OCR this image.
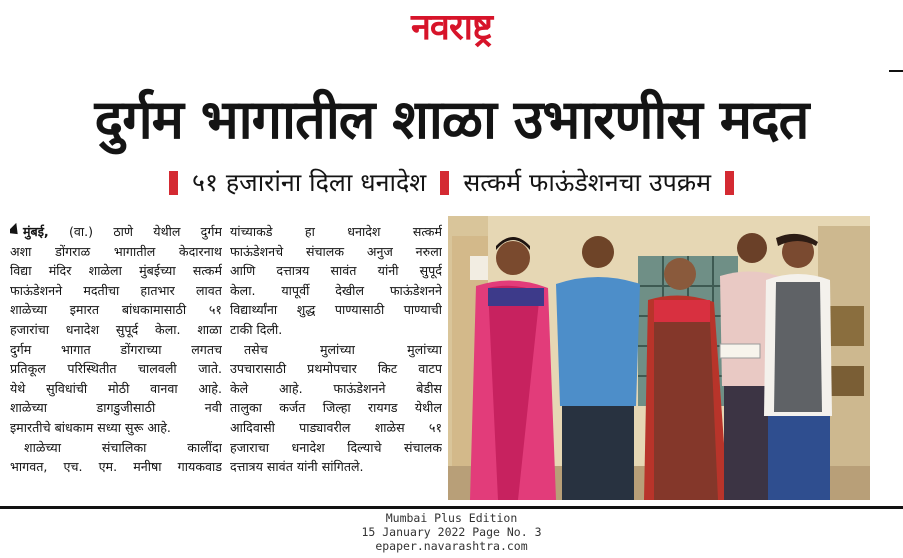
नवराष्ट्र
दुर्गम भागातील शाळा उभारणीस मदत
५१ हजारांना दिला धनादेश सत्कर्म फाऊंडेशनचा उपक्रम
मुंबई, (वा.) ठाणे येथील दुर्गम
अशा डोंगराळ भागातील केदारनाथ
विद्या मंदिर शाळेला मुंबईच्या सत्कर्म
फाऊंडेशनने मदतीचा हातभार लावत
शाळेच्या इमारत बांधकामासाठी ५१
हजारांचा धनादेश सुपूर्द केला. शाळा
दुर्गम भागात डोंगराच्या लगतच
प्रतिकूल परिस्थितीत चालवली जाते.
येथे सुविधांची मोठी वानवा आहे.
शाळेच्या डागडुजीसाठी नवी
इमारतीचे बांधकाम सध्या सुरू आहे.
शाळेच्या संचालिका कालींदा
भागवत, एच. एम. मनीषा गायकवाड
यांच्याकडे हा धनादेश सत्कर्म
फाऊंडेशनचे संचालक अनुज नरुला
आणि दत्तात्रय सावंत यांनी सुपूर्द
केला. यापूर्वी देखील फाऊंडेशनने
विद्यार्थ्यांना शुद्ध पाण्यासाठी पाण्याची
टाकी दिली.
तसेच मुलांच्या मुलांच्या
उपचारासाठी प्रथमोपचार किट वाटप
केले आहे. फाऊंडेशनने बेडीस
तालुका कर्जत जिल्हा रायगड येथील
आदिवासी पाड्यावरील शाळेस ५१
हजाराचा धनादेश दिल्याचे संचालक
दत्तात्रय सावंत यांनी सांगितले.
Mumbai Plus Edition
15 January 2022 Page No. 3
epaper.navarashtra.com
